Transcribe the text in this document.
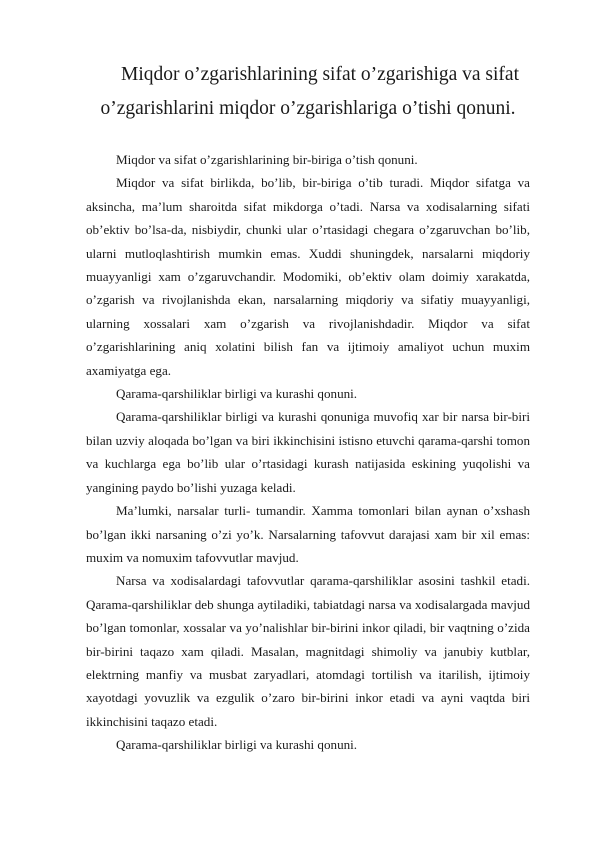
Miqdor o’zgarishlarining sifat o’zgarishiga va sifat
o’zgarishlarini miqdor o’zgarishlariga o’tishi qonuni.

Miqdor va sifat o’zgarishlarining bir-biriga o’tish qonuni.

Miqdor va sifat birlikda, bo’lib, bir-biriga o’tib turadi. Miqdor sifatga va aksincha, ma’lum sharoitda sifat mikdorga o’tadi. Narsa va xodisalarning sifati ob’ektiv bo’lsa-da, nisbiydir, chunki ular o’rtasidagi chegara o’zgaruvchan bo’lib, ularni mutloqlashtirish mumkin emas. Xuddi shuningdek, narsalarni miqdoriy muayyanligi xam o’zgaruvchandir. Modomiki, ob’ektiv olam doimiy xarakatda, o’zgarish va rivojlanishda ekan, narsalarning miqdoriy va sifatiy muayyanligi, ularning xossalari xam o’zgarish va rivojlanishdadir. Miqdor va sifat o’zgarishlarining aniq xolatini bilish fan va ijtimoiy amaliyot uchun muxim axamiyatga ega.

Qarama-qarshiliklar birligi va kurashi qonuni.

Qarama-qarshiliklar birligi va kurashi qonuniga muvofiq xar bir narsa bir-biri bilan uzviy aloqada bo’lgan va biri ikkinchisini istisno etuvchi qarama-qarshi tomon va kuchlarga ega bo’lib ular o’rtasidagi kurash natijasida eskining yuqolishi va yangining paydo bo’lishi yuzaga keladi.

Ma’lumki, narsalar turli- tumandir. Xamma tomonlari bilan aynan o’xshash bo’lgan ikki narsaning o’zi yo’k. Narsalarning tafovvut darajasi xam bir xil emas: muxim va nomuxim tafovvutlar mavjud.

Narsa va xodisalardagi tafovvutlar qarama-qarshiliklar asosini tashkil etadi. Qarama-qarshiliklar deb shunga aytiladiki, tabiatdagi narsa va xodisalargada mavjud bo’lgan tomonlar, xossalar va yo’nalishlar bir-birini inkor qiladi, bir vaqtning o’zida bir-birini taqazo xam qiladi. Masalan, magnitdagi shimoliy va janubiy kutblar, elektrning manfiy va musbat zaryadlari, atomdagi tortilish va itarilish, ijtimoiy xayotdagi yovuzlik va ezgulik o’zaro bir-birini inkor etadi va ayni vaqtda biri ikkinchisini taqazo etadi.

Qarama-qarshiliklar birligi va kurashi qonuni.
